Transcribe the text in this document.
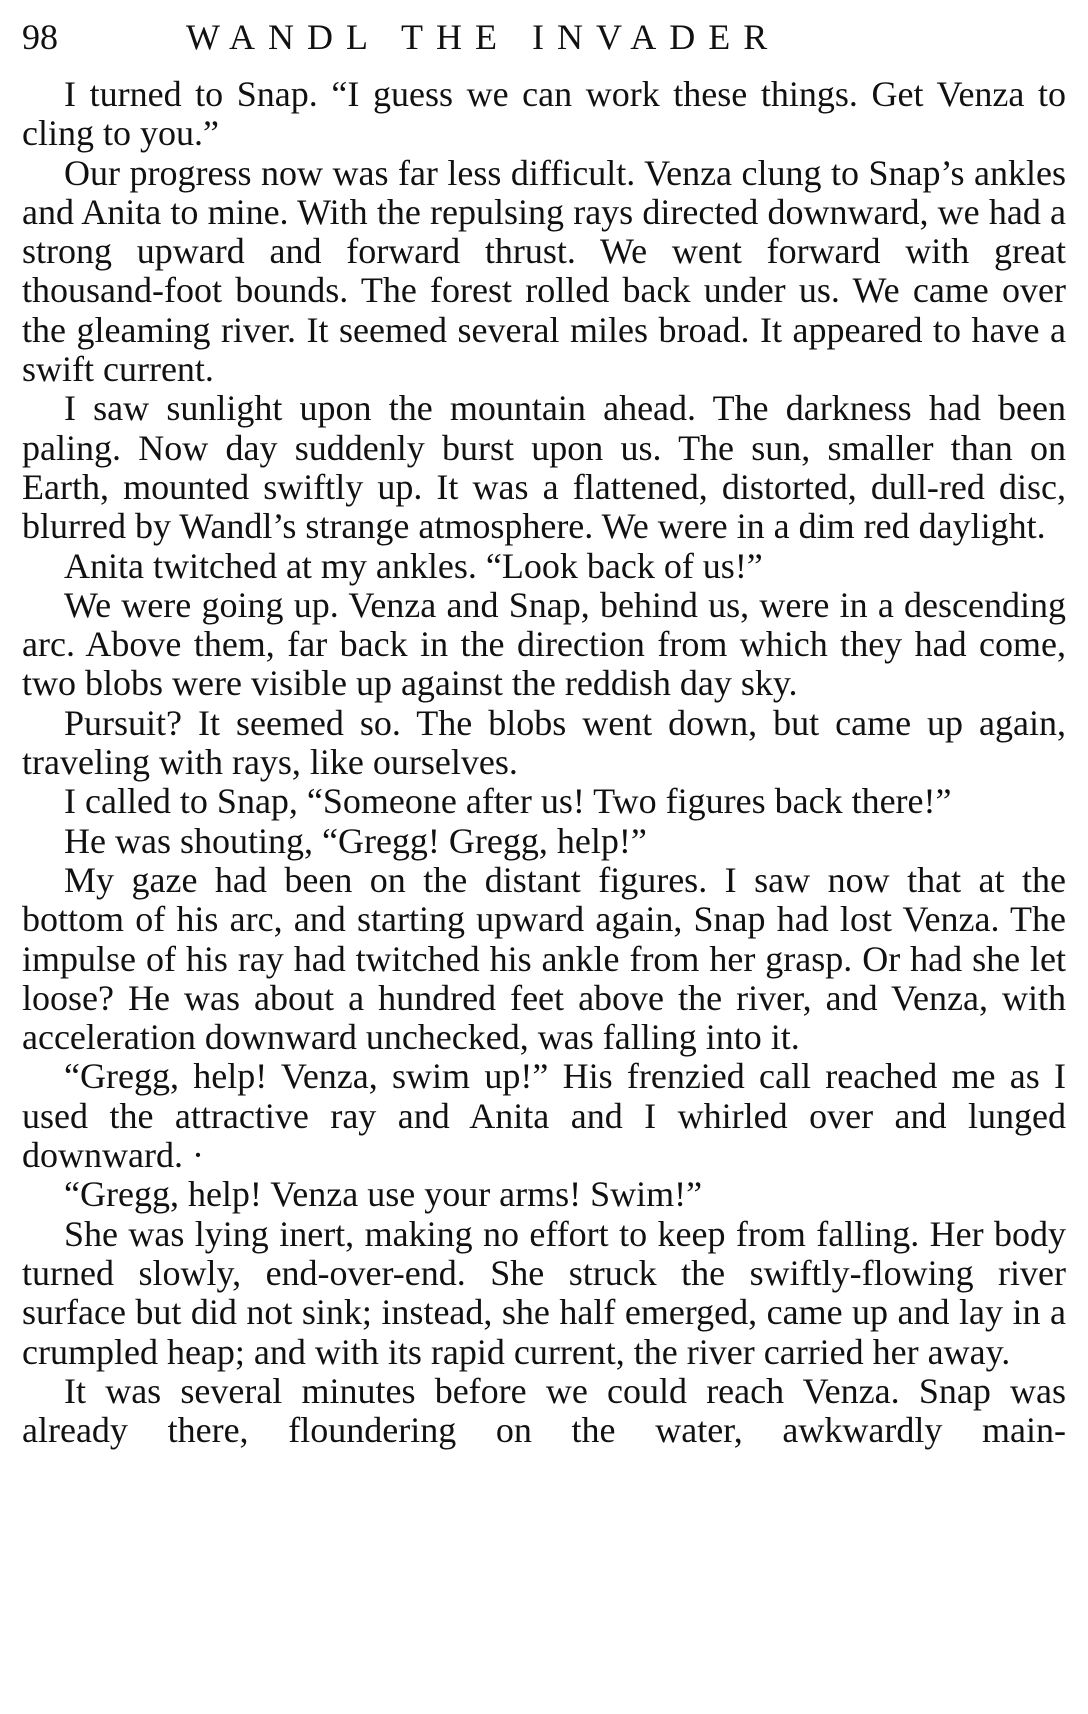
98	WANDL THE INVADER

I turned to Snap. “I guess we can work these things. Get Venza to cling to you.”

Our progress now was far less difficult. Venza clung to Snap’s ankles and Anita to mine. With the repulsing rays directed downward, we had a strong upward and forward thrust. We went forward with great thousand-foot bounds. The forest rolled back under us. We came over the gleaming river. It seemed several miles broad. It appeared to have a swift current.

I saw sunlight upon the mountain ahead. The darkness had been paling. Now day suddenly burst upon us. The sun, smaller than on Earth, mounted swiftly up. It was a flattened, distorted, dull-red disc, blurred by Wandl’s strange atmosphere. We were in a dim red daylight.

Anita twitched at my ankles. “Look back of us!”

We were going up. Venza and Snap, behind us, were in a descending arc. Above them, far back in the direction from which they had come, two blobs were visible up against the reddish day sky.

Pursuit? It seemed so. The blobs went down, but came up again, traveling with rays, like ourselves.

I called to Snap, “Someone after us! Two figures back there!”

He was shouting, “Gregg! Gregg, help!”

My gaze had been on the distant figures. I saw now that at the bottom of his arc, and starting upward again, Snap had lost Venza. The impulse of his ray had twitched his ankle from her grasp. Or had she let loose? He was about a hundred feet above the river, and Venza, with acceleration downward unchecked, was falling into it.

“Gregg, help! Venza, swim up!” His frenzied call reached me as I used the attractive ray and Anita and I whirled over and lunged downward. ·

“Gregg, help! Venza use your arms! Swim!”

She was lying inert, making no effort to keep from falling. Her body turned slowly, end-over-end. She struck the swiftly-flowing river surface but did not sink; instead, she half emerged, came up and lay in a crumpled heap; and with its rapid current, the river carried her away.

It was several minutes before we could reach Venza. Snap was already there, floundering on the water, awkwardly main-
